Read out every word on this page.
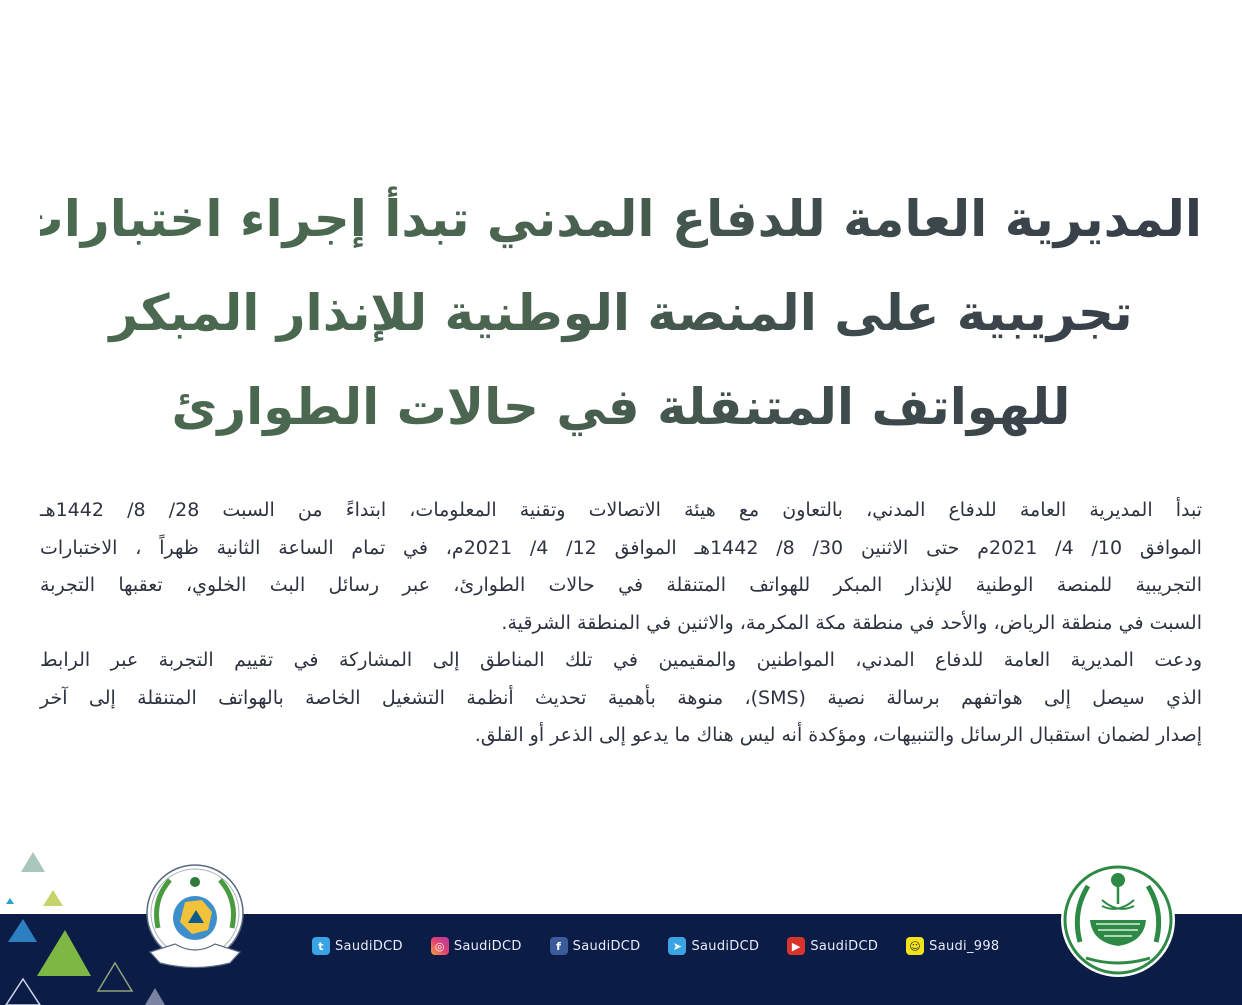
المديرية العامة للدفاع المدني تبدأ إجراء اختبارات
تجريبية على المنصة الوطنية للإنذار المبكر
للهواتف المتنقلة في حالات الطوارئ
تبدأ المديرية العامة للدفاع المدني، بالتعاون مع هيئة الاتصالات وتقنية المعلومات، ابتداءً من السبت 28/ 8/ 1442هـ
الموافق 10/ 4/ 2021م حتى الاثنين 30/ 8/ 1442هـ الموافق 12/ 4/ 2021م، في تمام الساعة الثانية ظهراً ، الاختبارات
التجريبية للمنصة الوطنية للإنذار المبكر للهواتف المتنقلة في حالات الطوارئ، عبر رسائل البث الخلوي، تعقبها التجربة
السبت في منطقة الرياض، والأحد في منطقة مكة المكرمة، والاثنين في المنطقة الشرقية.
ودعت المديرية العامة للدفاع المدني، المواطنين والمقيمين في تلك المناطق إلى المشاركة في تقييم التجربة عبر الرابط
الذي سيصل إلى هواتفهم برسالة نصية (SMS)، منوهة بأهمية تحديث أنظمة التشغيل الخاصة بالهواتف المتنقلة إلى آخر
إصدار لضمان استقبال الرسائل والتنبيهات، ومؤكدة أنه ليس هناك ما يدعو إلى الذعر أو القلق.
t SaudiDCD	◎ SaudiDCD	f SaudiDCD	➤ SaudiDCD	▶ SaudiDCD	☺ Saudi_998
